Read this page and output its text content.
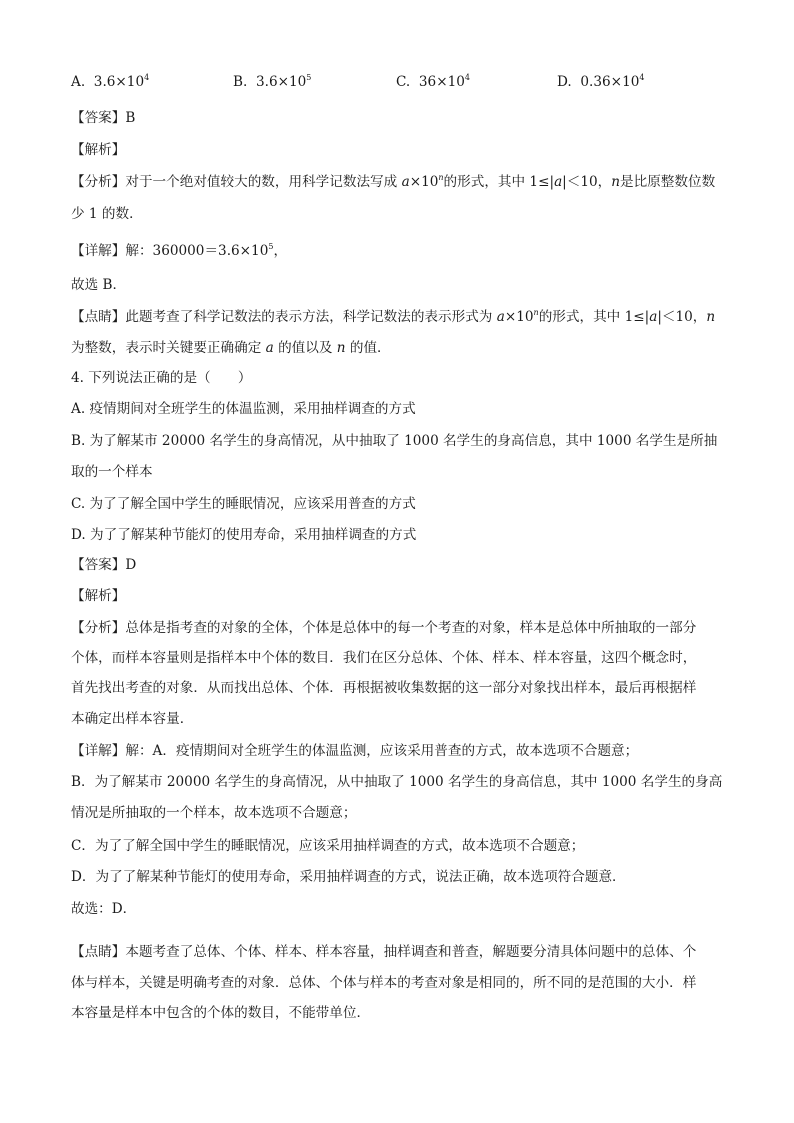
A. $3.6\times 10^4$	B. $3.6\times 10^5$	C. $36\times 10^4$	D. $0.36\times 10^4$
【答案】B
【解析】
【分析】对于一个绝对值较大的数，用科学记数法写成 $a\times 10^n$的形式，其中 1≤|a|＜10，n是比原整数位数
少 1 的数．
【详解】解：$360000=3.6\times 10^5$，
故选 B．
【点睛】此题考查了科学记数法的表示方法，科学记数法的表示形式为 $a\times 10^n$的形式，其中 1≤|a|＜10，n
为整数，表示时关键要正确确定 a 的值以及 n 的值．
4. 下列说法正确的是（　　）
A. 疫情期间对全班学生的体温监测，采用抽样调查的方式
B. 为了解某市 20000 名学生的身高情况，从中抽取了 1000 名学生的身高信息，其中 1000 名学生是所抽
取的一个样本
C. 为了了解全国中学生的睡眠情况，应该采用普查的方式
D. 为了了解某种节能灯的使用寿命，采用抽样调查的方式
【答案】D
【解析】
【分析】总体是指考查的对象的全体，个体是总体中的每一个考查的对象，样本是总体中所抽取的一部分
个体，而样本容量则是指样本中个体的数目．我们在区分总体、个体、样本、样本容量，这四个概念时，
首先找出考查的对象．从而找出总体、个体．再根据被收集数据的这一部分对象找出样本，最后再根据样
本确定出样本容量．
【详解】解：A．疫情期间对全班学生的体温监测，应该采用普查的方式，故本选项不合题意；
B．为了解某市 20000 名学生的身高情况，从中抽取了 1000 名学生的身高信息，其中 1000 名学生的身高
情况是所抽取的一个样本，故本选项不合题意；
C．为了了解全国中学生的睡眠情况，应该采用抽样调查的方式，故本选项不合题意；
D．为了了解某种节能灯的使用寿命，采用抽样调查的方式，说法正确，故本选项符合题意．
故选：D．
【点睛】本题考查了总体、个体、样本、样本容量，抽样调查和普查，解题要分清具体问题中的总体、个
体与样本，关键是明确考查的对象．总体、个体与样本的考查对象是相同的，所不同的是范围的大小．样
本容量是样本中包含的个体的数目，不能带单位．
